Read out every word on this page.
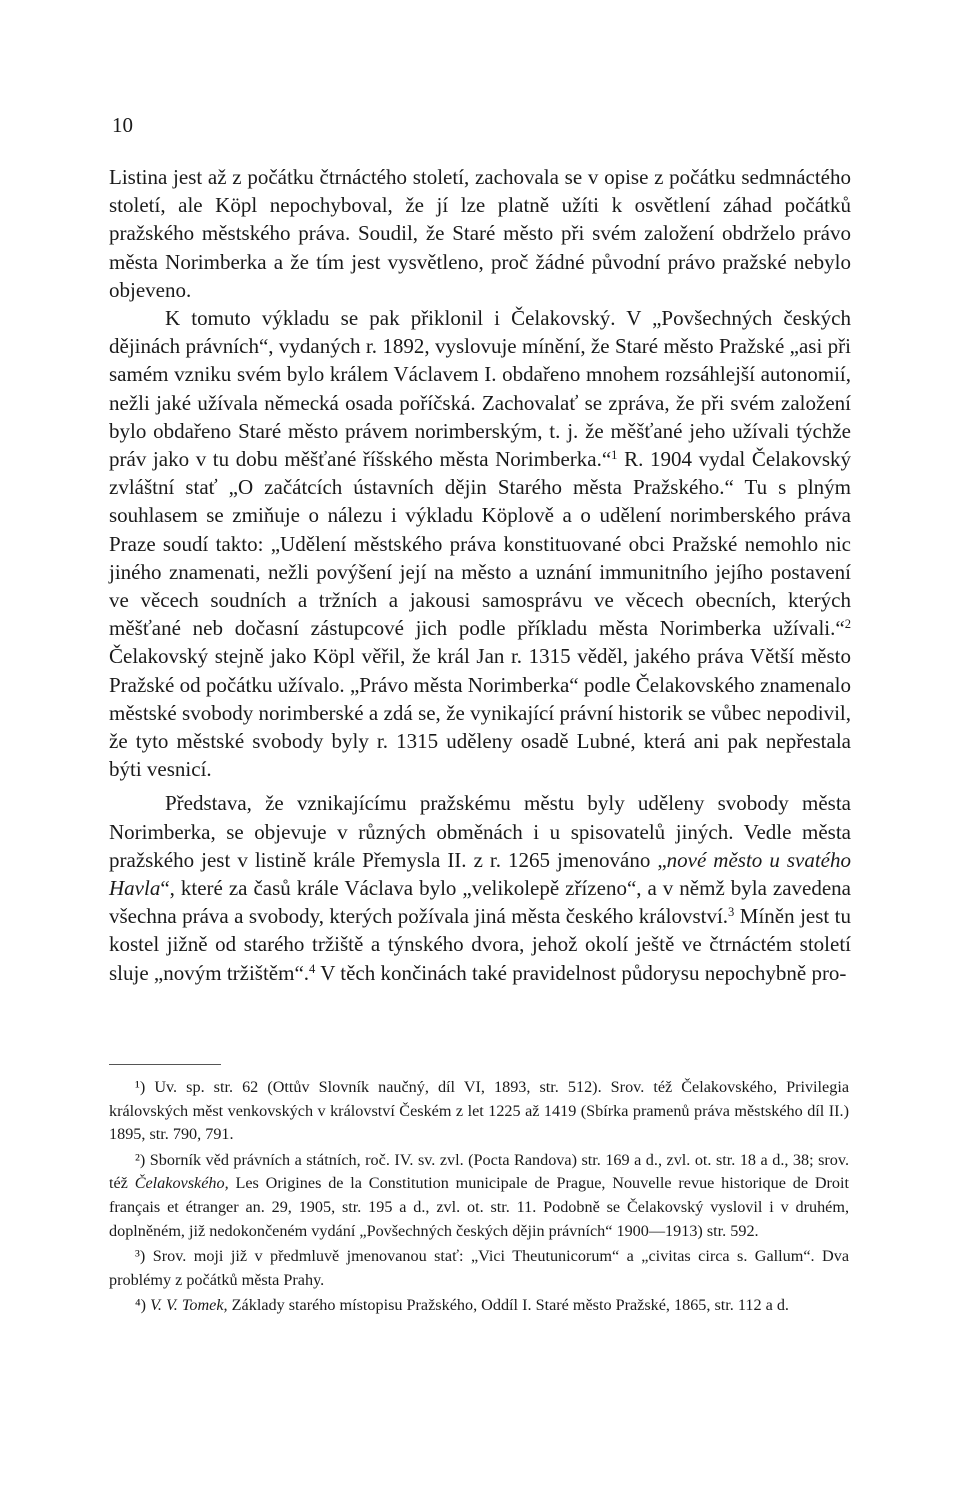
10

Listina jest až z počátku čtrnáctého století, zachovala se v opise z počátku sedmnáctého století, ale Köpl nepochyboval, že jí lze platně užíti k osvětlení záhad počátků pražského městského práva. Soudil, že Staré město při svém založení obdrželo právo města Norimberka a že tím jest vysvětleno, proč žádné původní právo pražské nebylo objeveno.

K tomuto výkladu se pak přiklonil i Čelakovský. V „Povšechných českých dějinách právních“, vydaných r. 1892, vyslovuje mínění, že Staré město Pražské „asi při samém vzniku svém bylo králem Václavem I. obdařeno mnohem rozsáhlejší autonomií, nežli jaké užívala německá osada poříčská. Zachovalať se zpráva, že při svém založení bylo obdařeno Staré město právem norimberským, t. j. že měšťané jeho užívali týchže práv jako v tu dobu měšťané říšského města Norimberka.“$^1$ R. 1904 vydal Čelakovský zvláštní stať „O začátcích ústavních dějin Starého města Pražského.“ Tu s plným souhlasem se zmiňuje o nálezu i výkladu Köplově a o udělení norimberského práva Praze soudí takto: „Udělení městského práva konstituované obci Pražské nemohlo nic jiného znamenati, nežli povýšení její na město a uznání immunitního jejího postavení ve věcech soudních a tržních a jakousi samosprávu ve věcech obecních, kterých měšťané neb dočasní zástupcové jich podle příkladu města Norimberka užívali.“$^2$ Čelakovský stejně jako Köpl věřil, že král Jan r. 1315 věděl, jakého práva Větší město Pražské od počátku užívalo. „Právo města Norimberka“ podle Čelakovského znamenalo městské svobody norimberské a zdá se, že vynikající právní historik se vůbec nepodivil, že tyto městské svobody byly r. 1315 uděleny osadě Lubné, která ani pak nepřestala býti vesnicí.

Představa, že vznikajícímu pražskému městu byly uděleny svobody města Norimberka, se objevuje v různých obměnách i u spisovatelů jiných. Vedle města pražského jest v listině krále Přemysla II. z r. 1265 jmenováno „nové město u svatého Havla“, které za časů krále Václava bylo „velikolepě zřízeno“, a v němž byla zavedena všechna práva a svobody, kterých požívala jiná města českého království.$^3$ Míněn jest tu kostel jižně od starého tržiště a týnského dvora, jehož okolí ještě ve čtrnáctém století sluje „novým tržištěm“.$^4$ V těch končinách také pravidelnost půdorysu nepochybně pro-

¹) Uv. sp. str. 62 (Ottův Slovník naučný, díl VI, 1893, str. 512). Srov. též Čelakovského, Privilegia královských měst venkovských v království Českém z let 1225 až 1419 (Sbírka pramenů práva městského díl II.) 1895, str. 790, 791.

²) Sborník věd právních a státních, roč. IV. sv. zvl. (Pocta Randova) str. 169 a d., zvl. ot. str. 18 a d., 38; srov. též Čelakovského, Les Origines de la Constitution municipale de Prague, Nouvelle revue historique de Droit français et étranger an. 29, 1905, str. 195 a d., zvl. ot. str. 11. Podobně se Čelakovský vyslovil i v druhém, doplněném, již nedokončeném vydání „Povšechných českých dějin právních“ 1900—1913) str. 592.

³) Srov. moji již v předmluvě jmenovanou stať: „Vici Theutunicorum“ a „civitas circa s. Gallum“. Dva problémy z počátků města Prahy.

⁴) V. V. Tomek, Základy starého místopisu Pražského, Oddíl I. Staré město Pražské, 1865, str. 112 a d.
